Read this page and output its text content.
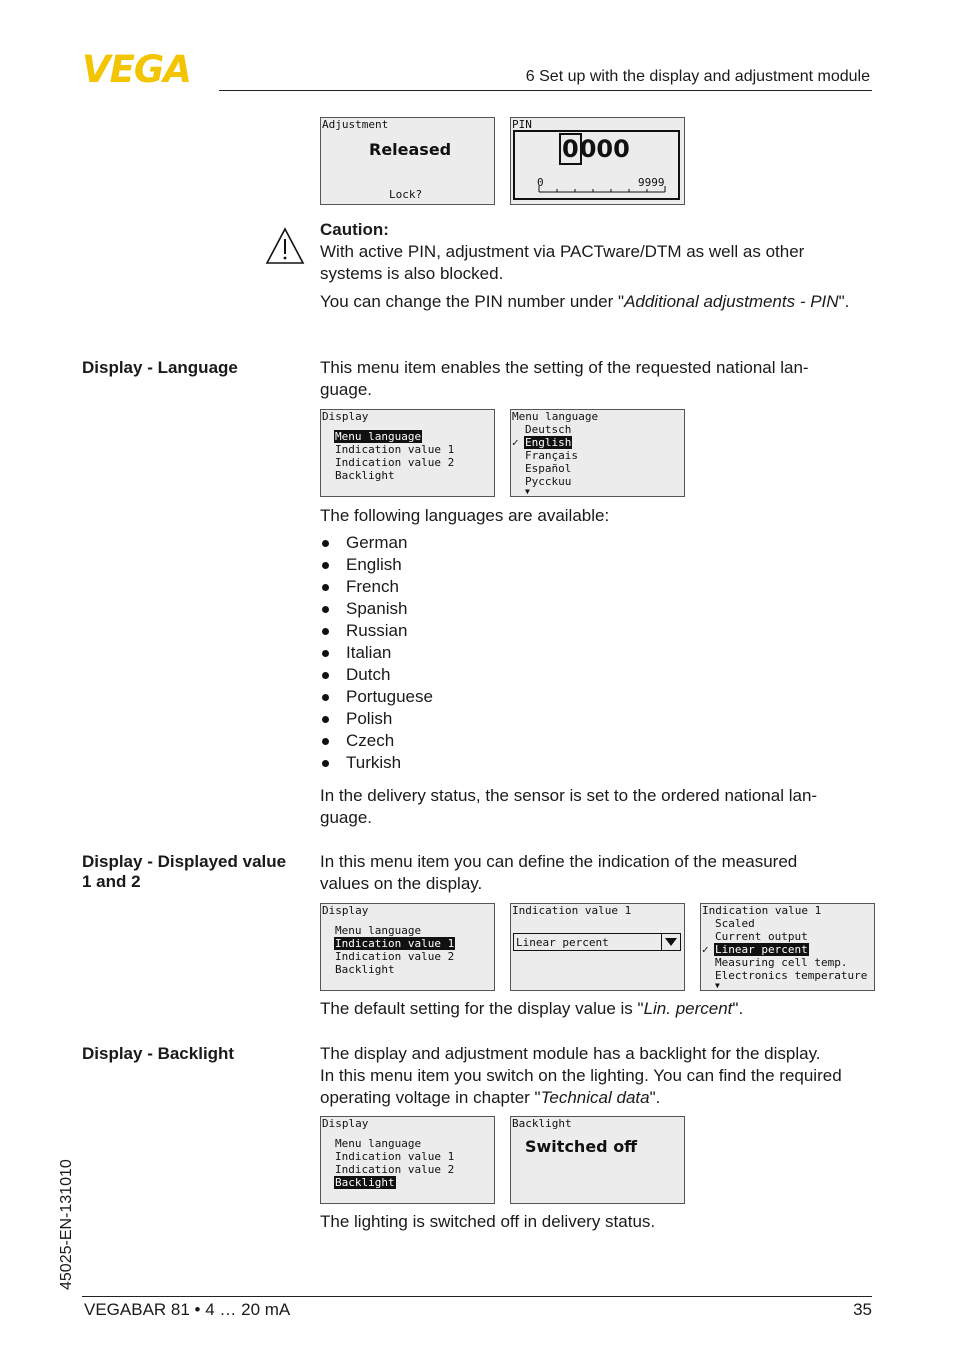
VEGA	6 Set up with the display and adjustment module
Adjustment
Released
Lock?
PIN
0000
0	9999
Caution:
With active PIN, adjustment via PACTware/DTM as well as other systems is also blocked.
You can change the PIN number under "Additional adjustments - PIN".
Display - Language	This menu item enables the setting of the requested national lan-
guage.
Display
Menu language
Indication value 1
Indication value 2
Backlight
Menu language
Deutsch
✓ English
Français
Español
Pycckuu
▼
The following languages are available:
German
English
French
Spanish
Russian
Italian
Dutch
Portuguese
Polish
Czech
Turkish
In the delivery status, the sensor is set to the ordered national lan-
guage.
Display - Displayed value
1 and 2
In this menu item you can define the indication of the measured
values on the display.
Display
Menu language
Indication value 1
Indication value 2
Backlight
Indication value 1
Linear percent
Indication value 1
Scaled
Current output
✓ Linear percent
Measuring cell temp.
Electronics temperature
▼
The default setting for the display value is "Lin. percent".
Display - Backlight	The display and adjustment module has a backlight for the display.
In this menu item you switch on the lighting. You can find the required
operating voltage in chapter "Technical data".
Display
Menu language
Indication value 1
Indication value 2
Backlight
Backlight
Switched off
The lighting is switched off in delivery status.
45025-EN-131010
VEGABAR 81 • 4 … 20 mA	35
